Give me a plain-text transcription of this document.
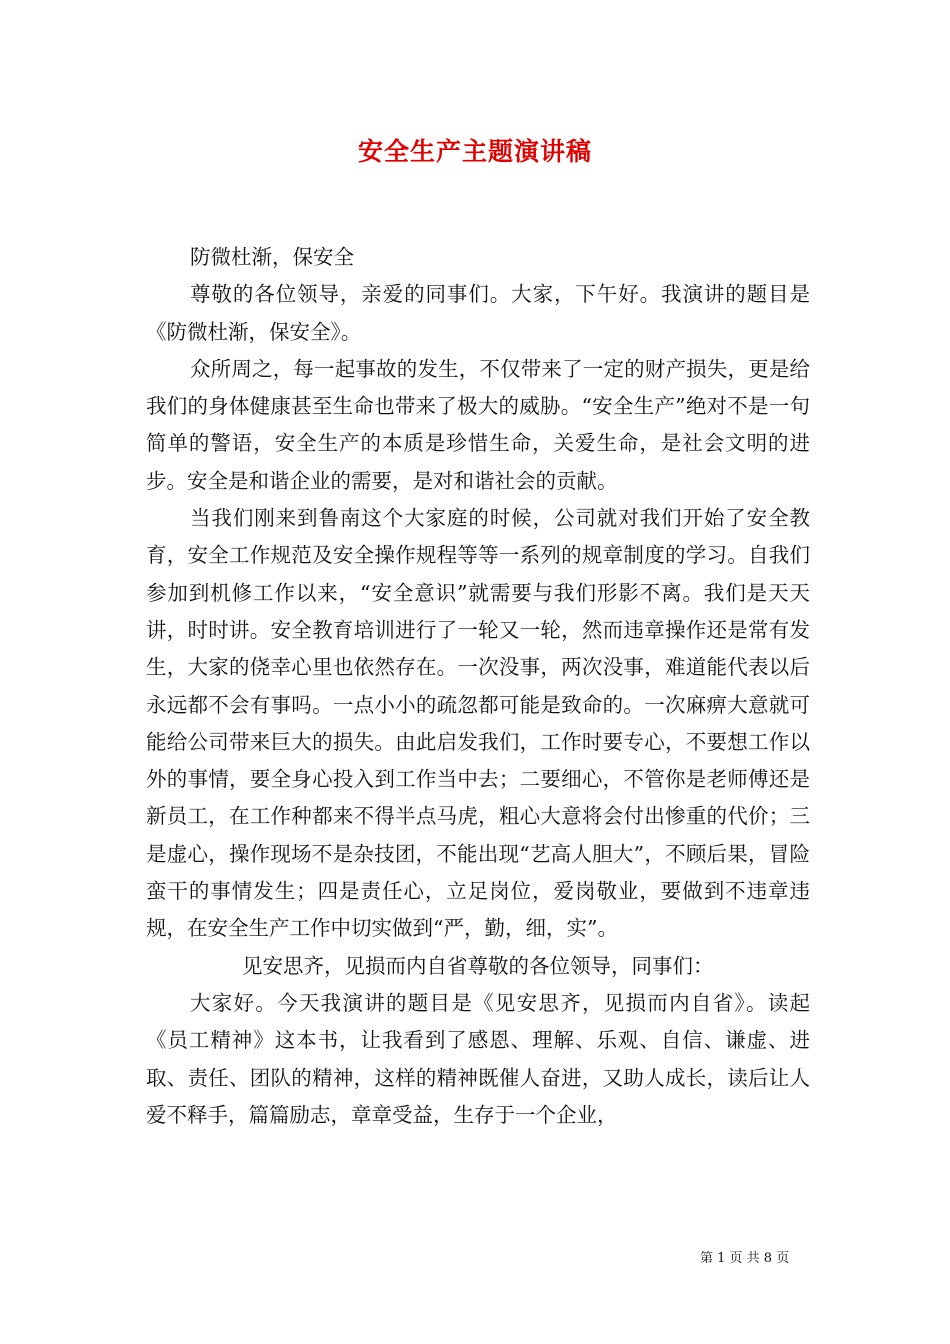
安全生产主题演讲稿

防微杜渐，保安全

尊敬的各位领导，亲爱的同事们。大家，下午好。我演讲的题目是《防微杜渐，保安全》。

众所周之，每一起事故的发生，不仅带来了一定的财产损失，更是给我们的身体健康甚至生命也带来了极大的威胁。“安全生产”绝对不是一句简单的警语，安全生产的本质是珍惜生命，关爱生命，是社会文明的进步。安全是和谐企业的需要，是对和谐社会的贡献。

当我们刚来到鲁南这个大家庭的时候，公司就对我们开始了安全教育，安全工作规范及安全操作规程等等一系列的规章制度的学习。自我们参加到机修工作以来，“安全意识”就需要与我们形影不离。我们是天天讲，时时讲。安全教育培训进行了一轮又一轮，然而违章操作还是常有发生，大家的侥幸心里也依然存在。一次没事，两次没事，难道能代表以后永远都不会有事吗。一点小小的疏忽都可能是致命的。一次麻痹大意就可能给公司带来巨大的损失。由此启发我们，工作时要专心，不要想工作以外的事情，要全身心投入到工作当中去；二要细心，不管你是老师傅还是新员工，在工作种都来不得半点马虎，粗心大意将会付出惨重的代价；三是虚心，操作现场不是杂技团，不能出现“艺高人胆大”，不顾后果，冒险蛮干的事情发生；四是责任心，立足岗位，爱岗敬业，要做到不违章违规，在安全生产工作中切实做到“严，勤，细，实”。

见安思齐，见损而内自省尊敬的各位领导，同事们：

大家好。今天我演讲的题目是《见安思齐，见损而内自省》。读起《员工精神》这本书，让我看到了感恩、理解、乐观、自信、谦虚、进取、责任、团队的精神，这样的精神既催人奋进，又助人成长，读后让人爱不释手，篇篇励志，章章受益，生存于一个企业，

第 1 页 共 8 页
